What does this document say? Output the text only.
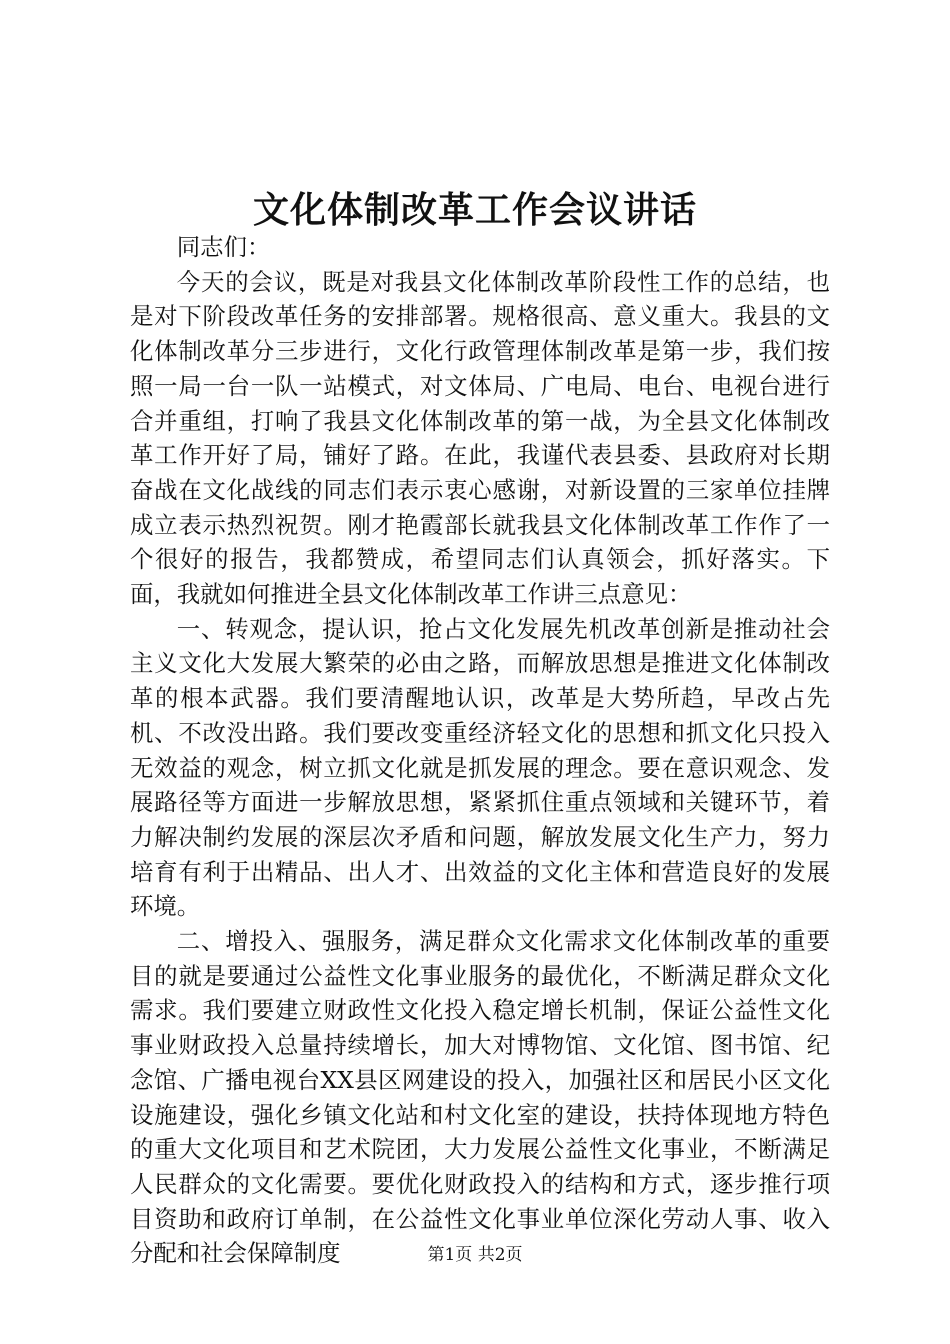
文化体制改革工作会议讲话

同志们：

今天的会议，既是对我县文化体制改革阶段性工作的总结，也是对下阶段改革任务的安排部署。规格很高、意义重大。我县的文化体制改革分三步进行，文化行政管理体制改革是第一步，我们按照一局一台一队一站模式，对文体局、广电局、电台、电视台进行合并重组，打响了我县文化体制改革的第一战，为全县文化体制改革工作开好了局，铺好了路。在此，我谨代表县委、县政府对长期奋战在文化战线的同志们表示衷心感谢，对新设置的三家单位挂牌成立表示热烈祝贺。刚才艳霞部长就我县文化体制改革工作作了一个很好的报告，我都赞成，希望同志们认真领会，抓好落实。下面，我就如何推进全县文化体制改革工作讲三点意见：

一、转观念，提认识，抢占文化发展先机改革创新是推动社会主义文化大发展大繁荣的必由之路，而解放思想是推进文化体制改革的根本武器。我们要清醒地认识，改革是大势所趋，早改占先机、不改没出路。我们要改变重经济轻文化的思想和抓文化只投入无效益的观念，树立抓文化就是抓发展的理念。要在意识观念、发展路径等方面进一步解放思想，紧紧抓住重点领域和关键环节，着力解决制约发展的深层次矛盾和问题，解放发展文化生产力，努力培育有利于出精品、出人才、出效益的文化主体和营造良好的发展环境。

二、增投入、强服务，满足群众文化需求文化体制改革的重要目的就是要通过公益性文化事业服务的最优化，不断满足群众文化需求。我们要建立财政性文化投入稳定增长机制，保证公益性文化事业财政投入总量持续增长，加大对博物馆、文化馆、图书馆、纪念馆、广播电视台XX县区网建设的投入，加强社区和居民小区文化设施建设，强化乡镇文化站和村文化室的建设，扶持体现地方特色的重大文化项目和艺术院团，大力发展公益性文化事业，不断满足人民群众的文化需要。要优化财政投入的结构和方式，逐步推行项目资助和政府订单制，在公益性文化事业单位深化劳动人事、收入分配和社会保障制度	第1页 共2页
